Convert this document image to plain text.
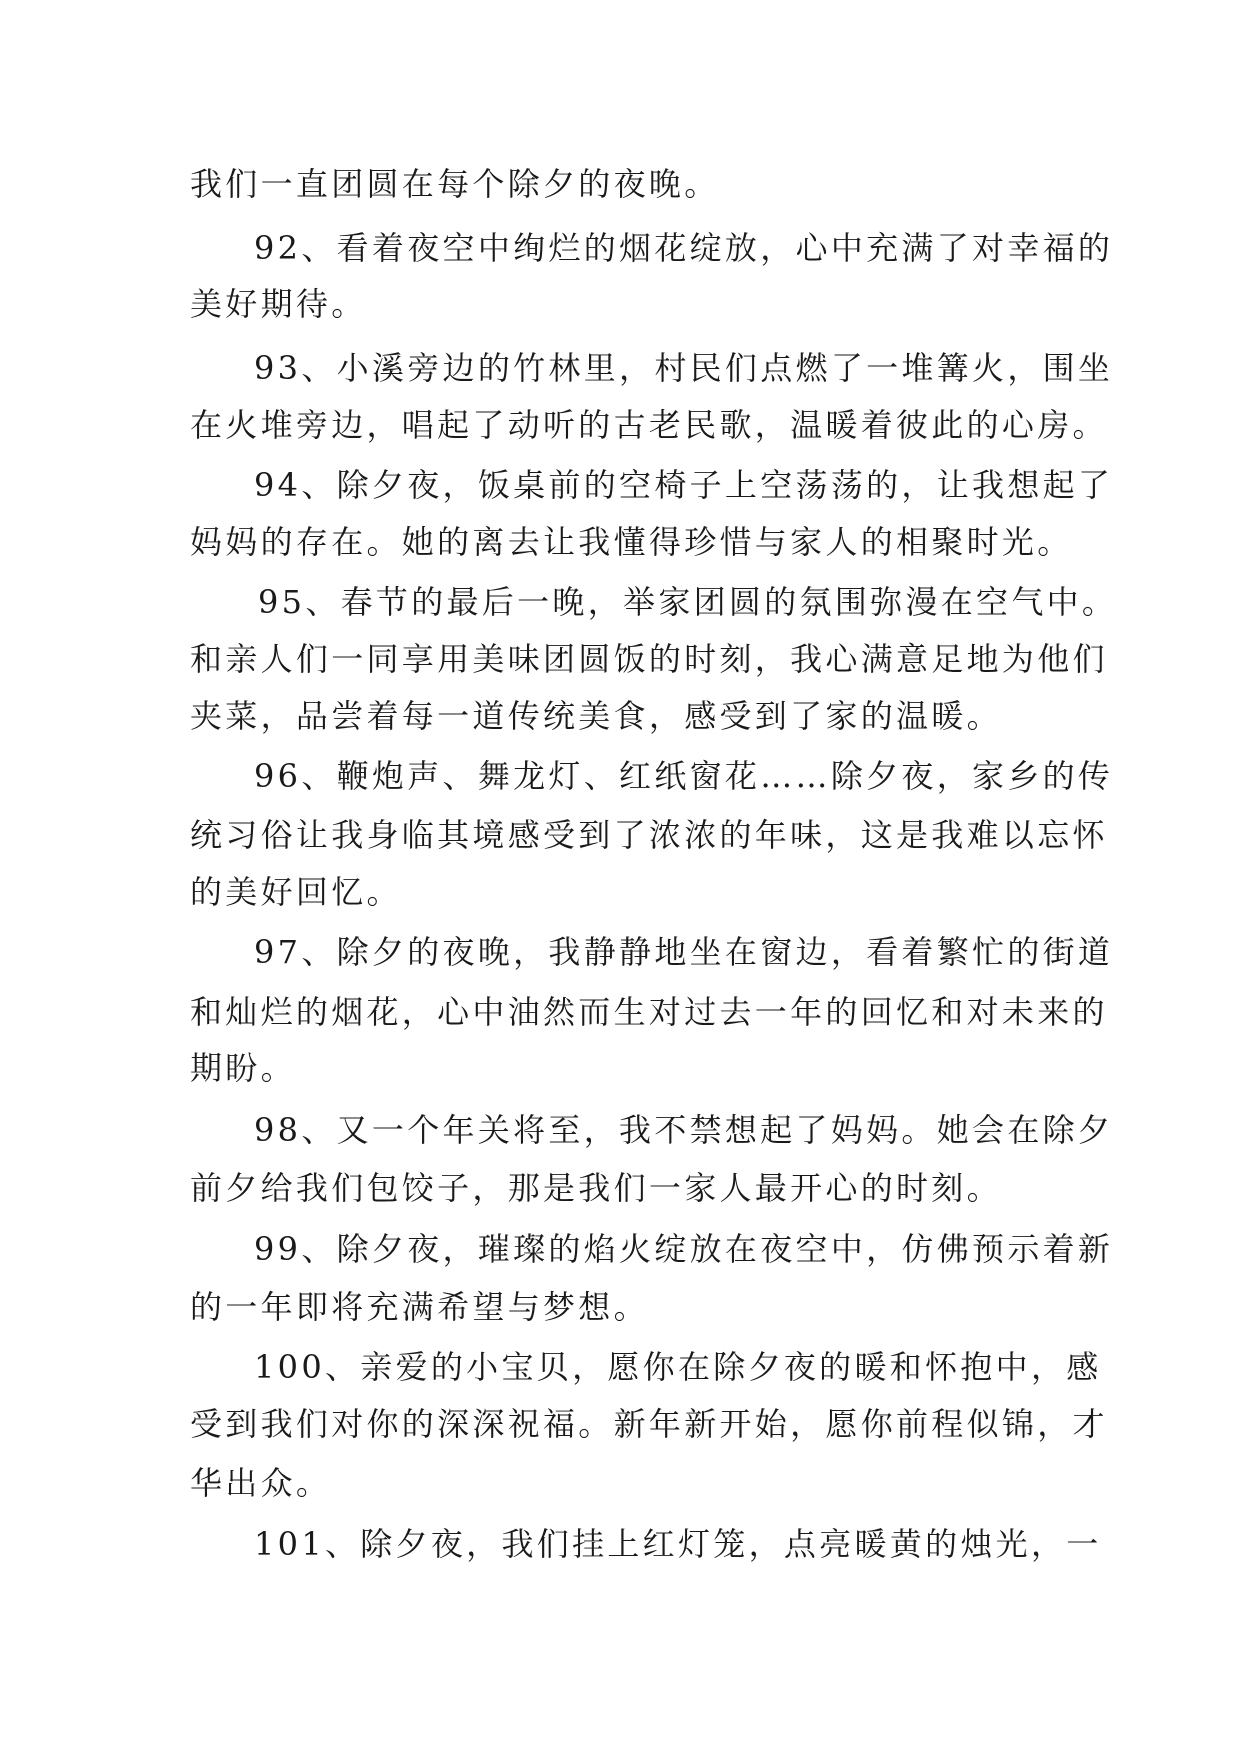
我们一直团圆在每个除夕的夜晚。
92、看着夜空中绚烂的烟花绽放，心中充满了对幸福的
美好期待。
93、小溪旁边的竹林里，村民们点燃了一堆篝火，围坐
在火堆旁边，唱起了动听的古老民歌，温暖着彼此的心房。
94、除夕夜，饭桌前的空椅子上空荡荡的，让我想起了
妈妈的存在。她的离去让我懂得珍惜与家人的相聚时光。
95、春节的最后一晚，举家团圆的氛围弥漫在空气中。
和亲人们一同享用美味团圆饭的时刻，我心满意足地为他们
夹菜，品尝着每一道传统美食，感受到了家的温暖。
96、鞭炮声、舞龙灯、红纸窗花……除夕夜，家乡的传
统习俗让我身临其境感受到了浓浓的年味，这是我难以忘怀
的美好回忆。
97、除夕的夜晚，我静静地坐在窗边，看着繁忙的街道
和灿烂的烟花，心中油然而生对过去一年的回忆和对未来的
期盼。
98、又一个年关将至，我不禁想起了妈妈。她会在除夕
前夕给我们包饺子，那是我们一家人最开心的时刻。
99、除夕夜，璀璨的焰火绽放在夜空中，仿佛预示着新
的一年即将充满希望与梦想。
100、亲爱的小宝贝，愿你在除夕夜的暖和怀抱中，感
受到我们对你的深深祝福。新年新开始，愿你前程似锦，才
华出众。
101、除夕夜，我们挂上红灯笼，点亮暖黄的烛光，一
